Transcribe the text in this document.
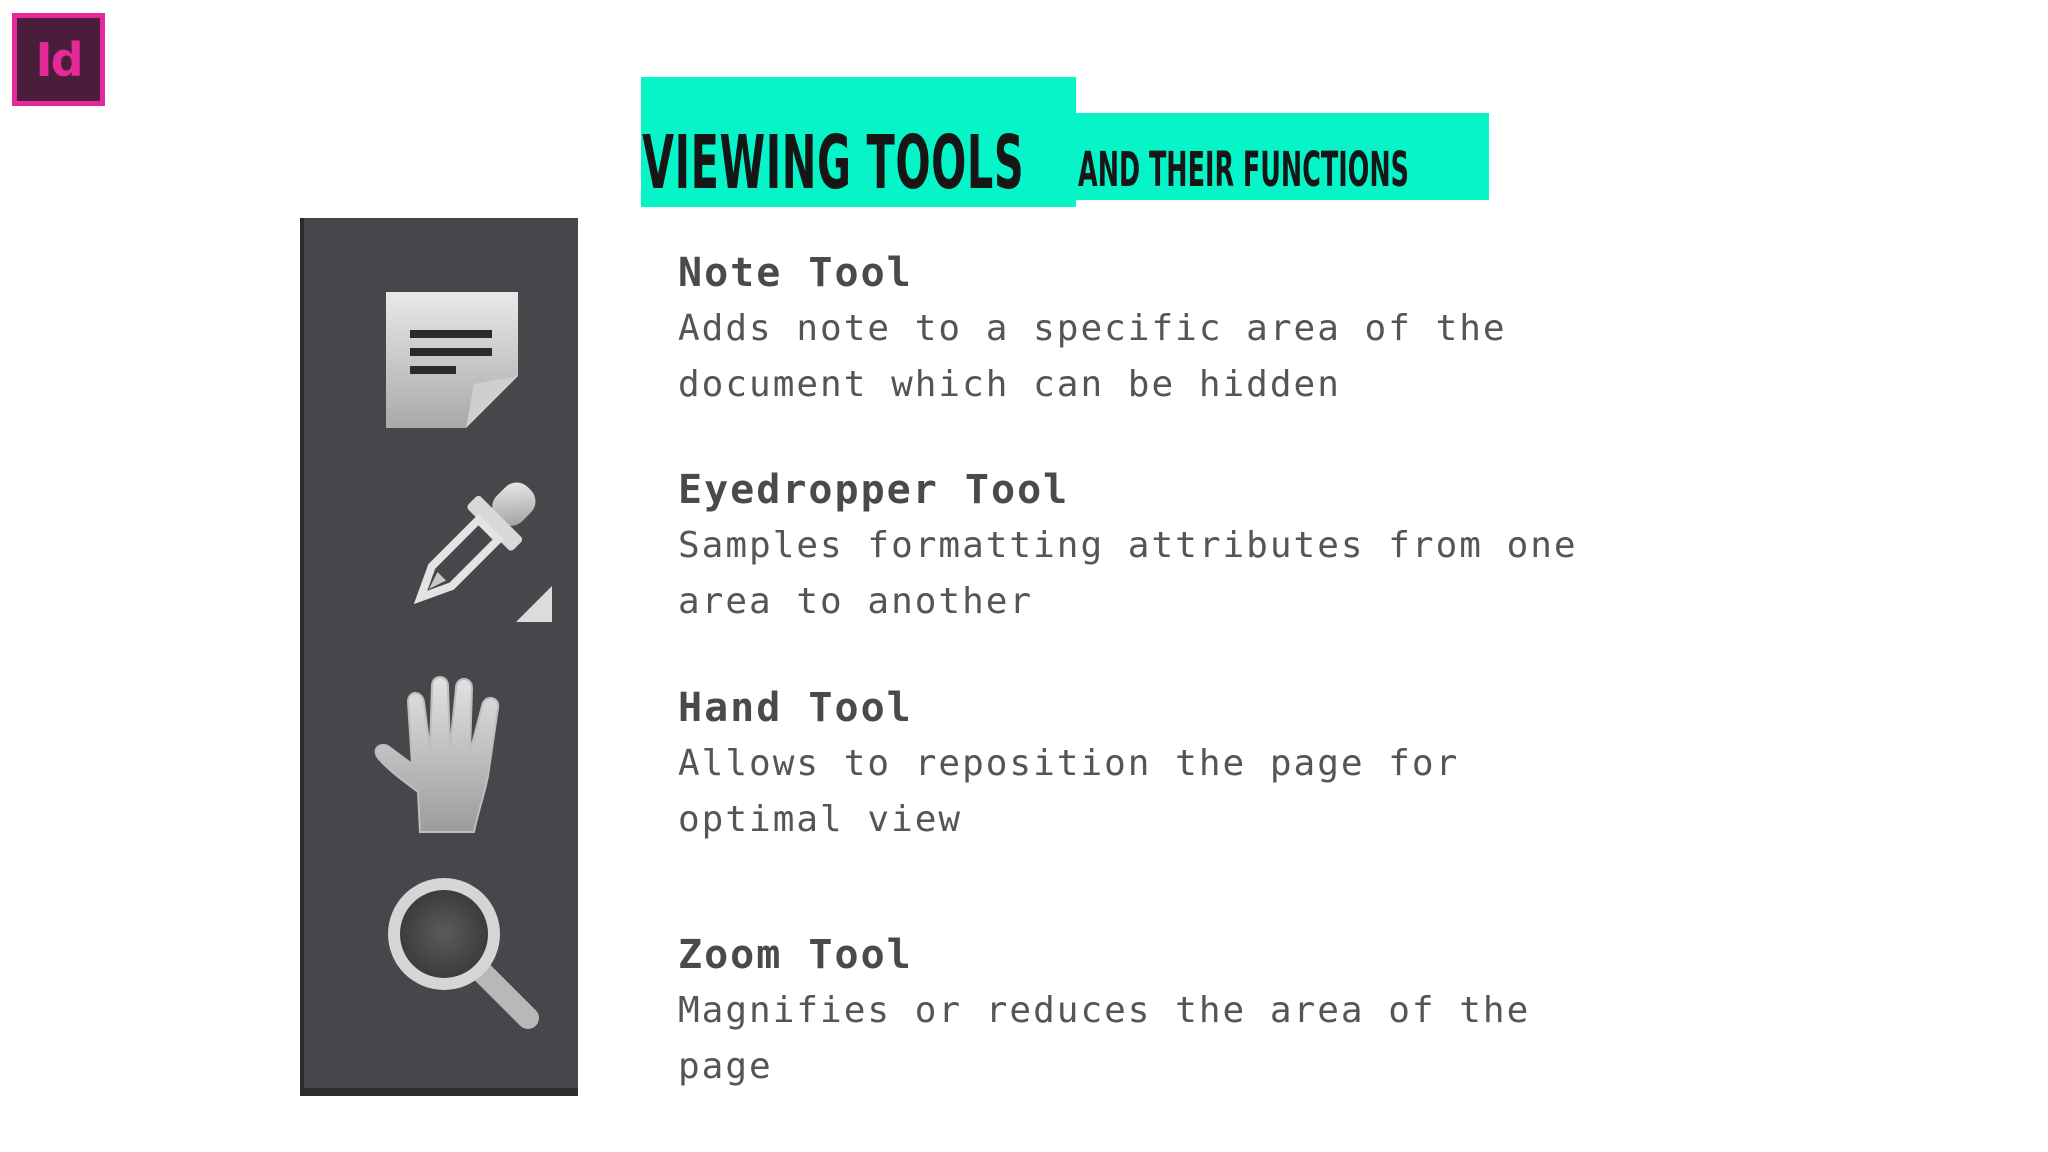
Id
VIEWING TOOLS AND THEIR FUNCTIONS
Note Tool
Adds note to a specific area of the document which can be hidden
Eyedropper Tool
Samples formatting attributes from one area to another
Hand Tool
Allows to reposition the page for optimal view
Zoom Tool
Magnifies or reduces the area of the page
